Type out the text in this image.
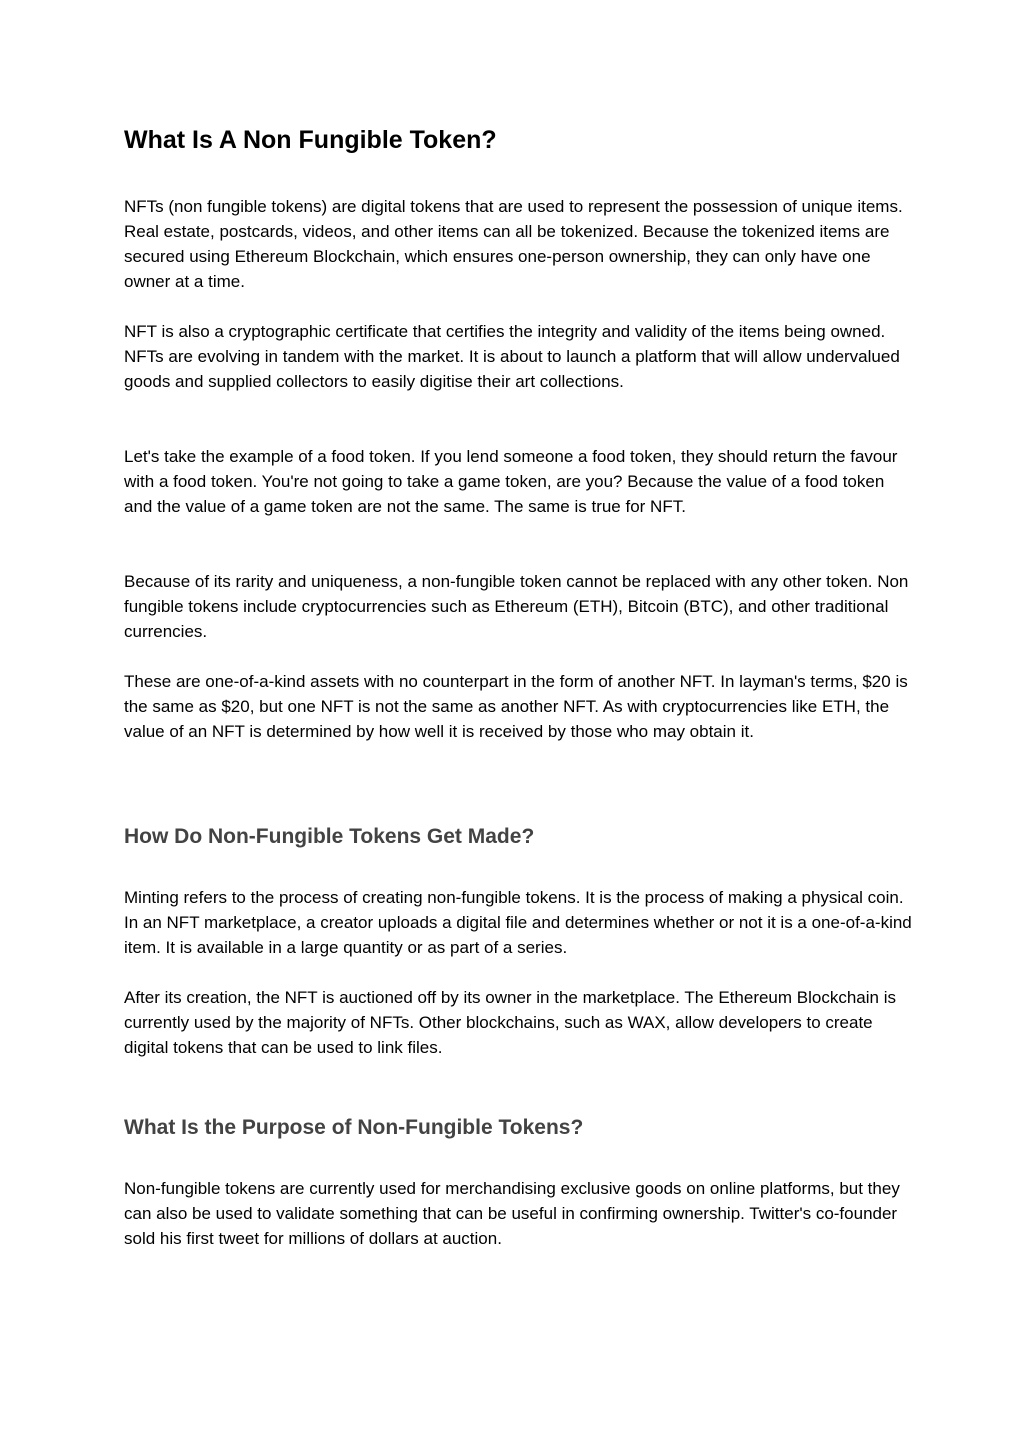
What Is A Non Fungible Token?

NFTs (non fungible tokens) are digital tokens that are used to represent the possession of unique items. Real estate, postcards, videos, and other items can all be tokenized. Because the tokenized items are secured using Ethereum Blockchain, which ensures one-person ownership, they can only have one owner at a time.

NFT is also a cryptographic certificate that certifies the integrity and validity of the items being owned. NFTs are evolving in tandem with the market. It is about to launch a platform that will allow undervalued goods and supplied collectors to easily digitise their art collections.

Let's take the example of a food token. If you lend someone a food token, they should return the favour with a food token. You're not going to take a game token, are you? Because the value of a food token and the value of a game token are not the same. The same is true for NFT.

Because of its rarity and uniqueness, a non-fungible token cannot be replaced with any other token. Non fungible tokens include cryptocurrencies such as Ethereum (ETH), Bitcoin (BTC), and other traditional currencies.

These are one-of-a-kind assets with no counterpart in the form of another NFT. In layman's terms, $20 is the same as $20, but one NFT is not the same as another NFT. As with cryptocurrencies like ETH, the value of an NFT is determined by how well it is received by those who may obtain it.

How Do Non-Fungible Tokens Get Made?

Minting refers to the process of creating non-fungible tokens. It is the process of making a physical coin. In an NFT marketplace, a creator uploads a digital file and determines whether or not it is a one-of-a-kind item. It is available in a large quantity or as part of a series.

After its creation, the NFT is auctioned off by its owner in the marketplace. The Ethereum Blockchain is currently used by the majority of NFTs. Other blockchains, such as WAX, allow developers to create digital tokens that can be used to link files.

What Is the Purpose of Non-Fungible Tokens?

Non-fungible tokens are currently used for merchandising exclusive goods on online platforms, but they can also be used to validate something that can be useful in confirming ownership. Twitter's co-founder sold his first tweet for millions of dollars at auction.
